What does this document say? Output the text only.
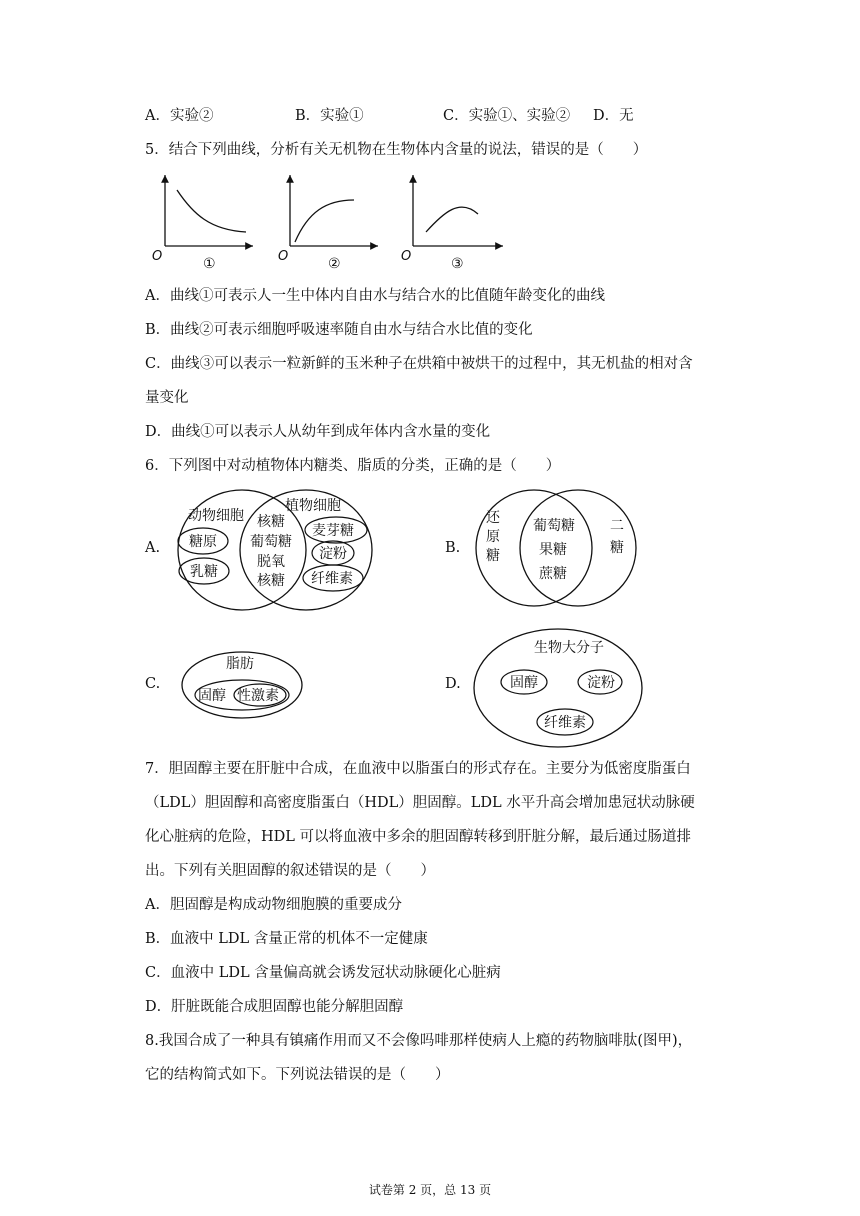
A．实验②	B．实验①	C．实验①、实验② D．无
5．结合下列曲线，分析有关无机物在生物体内含量的说法，错误的是（　　）
O	①	O	②	O	③
A．曲线①可表示人一生中体内自由水与结合水的比值随年龄变化的曲线
B．曲线②可表示细胞呼吸速率随自由水与结合水比值的变化
C．曲线③可以表示一粒新鲜的玉米种子在烘箱中被烘干的过程中，其无机盐的相对含
量变化
D．曲线①可以表示人从幼年到成年体内含水量的变化
6．下列图中对动植物体内糖类、脂质的分类，正确的是（　　）
A.	B.
C.	D.
动物细胞
植物细胞
糖原
乳糖
核糖
葡萄糖
脱氧
核糖
麦芽糖
淀粉
纤维素
还
原
糖
葡萄糖
果糖
蔗糖
二
糖
脂肪
固醇 性激素
生物大分子
固醇	淀粉
纤维素
7．胆固醇主要在肝脏中合成，在血液中以脂蛋白的形式存在。主要分为低密度脂蛋白
（LDL）胆固醇和高密度脂蛋白（HDL）胆固醇。LDL 水平升高会增加患冠状动脉硬
化心脏病的危险，HDL 可以将血液中多余的胆固醇转移到肝脏分解，最后通过肠道排
出。下列有关胆固醇的叙述错误的是（　　）
A．胆固醇是构成动物细胞膜的重要成分
B．血液中 LDL 含量正常的机体不一定健康
C．血液中 LDL 含量偏高就会诱发冠状动脉硬化心脏病
D．肝脏既能合成胆固醇也能分解胆固醇
8.我国合成了一种具有镇痛作用而又不会像吗啡那样使病人上瘾的药物脑啡肽(图甲)，
它的结构简式如下。下列说法错误的是（　　）
试卷第 2 页，总 13 页
